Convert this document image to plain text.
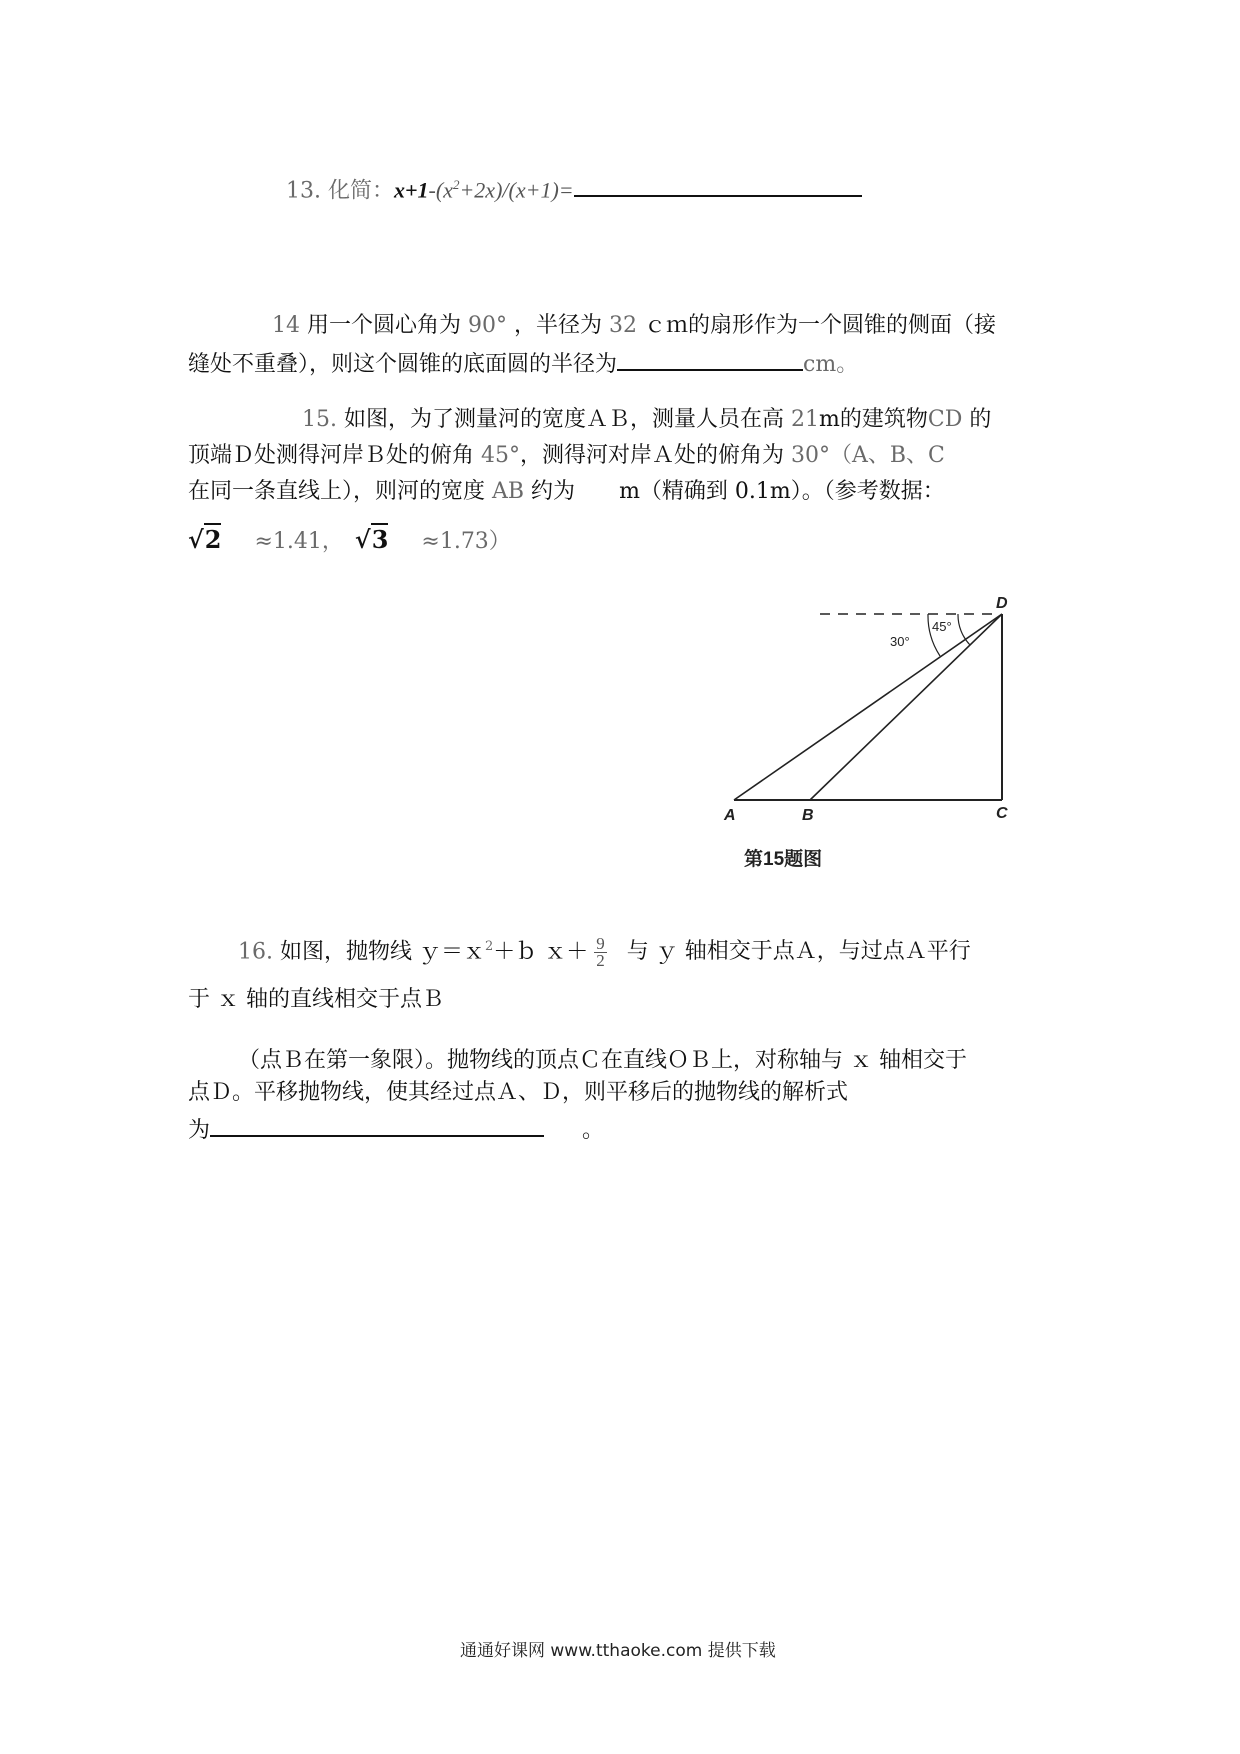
13. 化简：$x+1-(x^2+2x)/(x+1)=$
14 用一个圆心角为 90° ，半径为 32 ｃｍ的扇形作为一个圆锥的侧面（接
缝处不重叠），则这个圆锥的底面圆的半径为	cm。
15. 如图，为了测量河的宽度ＡＢ，测量人员在高 21m的建筑物CD 的
顶端Ｄ处测得河岸Ｂ处的俯角 45°，测得河对岸Ａ处的俯角为 30°（A、B、C
在同一条直线上），则河的宽度 AB 约为 m（精确到 0.1m）。（参考数据：
√2 ≈1.41， √3 ≈1.73）
30°
45°
A	B	C
D
第15题图
16. 如图，抛物线 ｙ＝ｘ$^2$＋ｂ ｘ＋ $\frac{9}{2}$ 与 ｙ 轴相交于点Ａ，与过点Ａ平行
于 ｘ 轴的直线相交于点Ｂ
（点Ｂ在第一象限）。抛物线的顶点Ｃ在直线ＯＢ上，对称轴与 ｘ 轴相交于
点Ｄ。平移抛物线，使其经过点Ａ、Ｄ，则平移后的抛物线的解析式
为	。
通通好课网 www.tthaoke.com 提供下载
